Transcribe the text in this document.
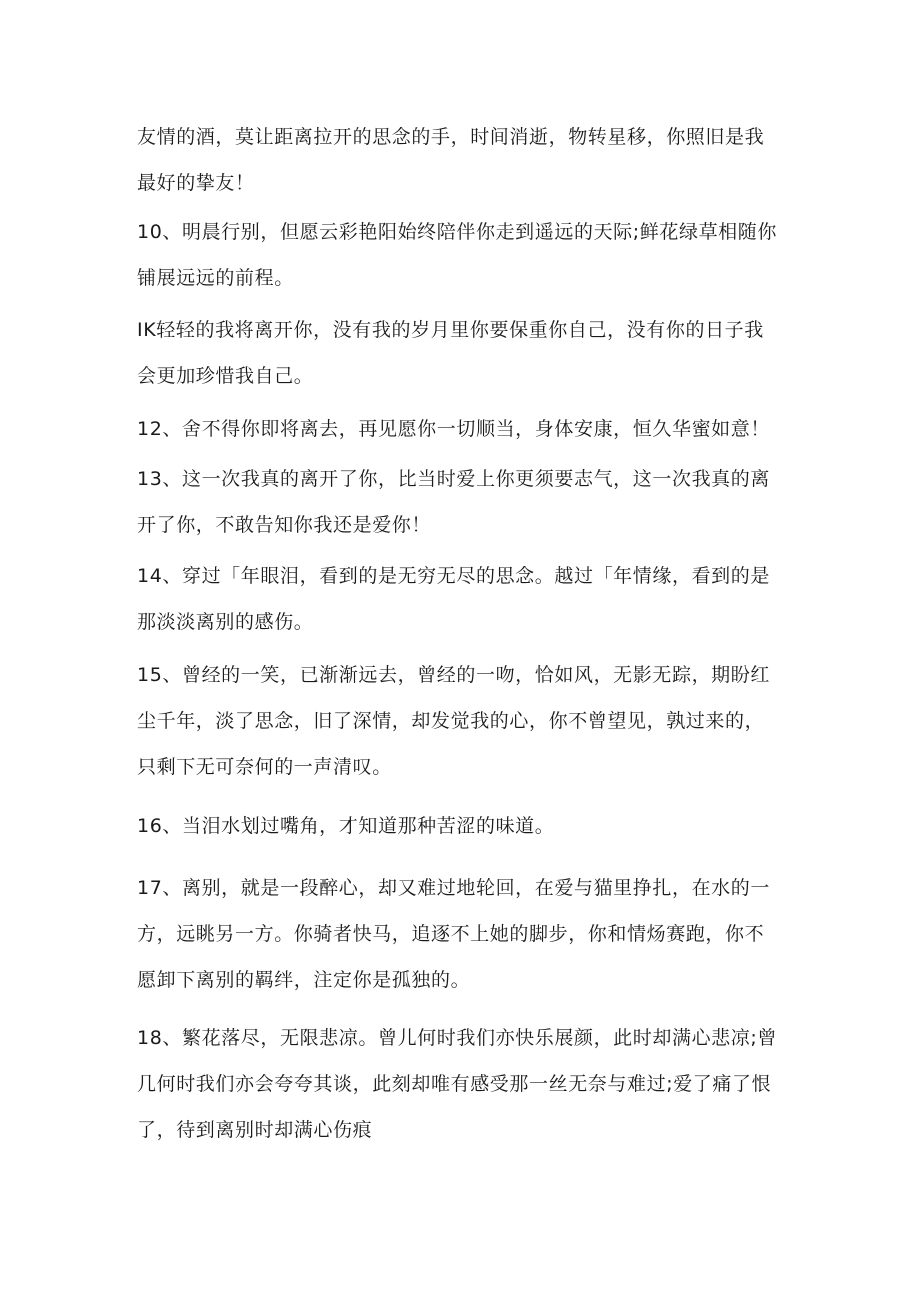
友情的酒，莫让距离拉开的思念的手，时间消逝，物转星移，你照旧是我
最好的挚友！
10、明晨行别，但愿云彩艳阳始终陪伴你走到遥远的天际;鲜花绿草相随你
铺展远远的前程。
IK轻轻的我将离开你，没有我的岁月里你要保重你自己，没有你的日子我
会更加珍惜我自己。
12、舍不得你即将离去，再见愿你一切顺当，身体安康，恒久华蜜如意！
13、这一次我真的离开了你，比当时爱上你更须要志气，这一次我真的离
开了你，不敢告知你我还是爱你！
14、穿过「年眼泪，看到的是无穷无尽的思念。越过「年情缘，看到的是
那淡淡离别的感伤。
15、曾经的一笑，已渐渐远去，曾经的一吻，恰如风，无影无踪，期盼红
尘千年，淡了思念，旧了深情，却发觉我的心，你不曾望见，孰过来的，
只剩下无可奈何的一声清叹。
16、当泪水划过嘴角，才知道那种苦涩的味道。
17、离别，就是一段醉心，却又难过地轮回，在爱与猫里挣扎，在水的一
方，远眺另一方。你骑者快马，追逐不上她的脚步，你和情炀赛跑，你不
愿卸下离别的羁绊，注定你是孤独的。
18、繁花落尽，无限悲凉。曾儿何时我们亦快乐展颜，此时却满心悲凉;曾
几何时我们亦会夸夸其谈，此刻却唯有感受那一丝无奈与难过;爱了痛了恨
了，待到离别时却满心伤痕
